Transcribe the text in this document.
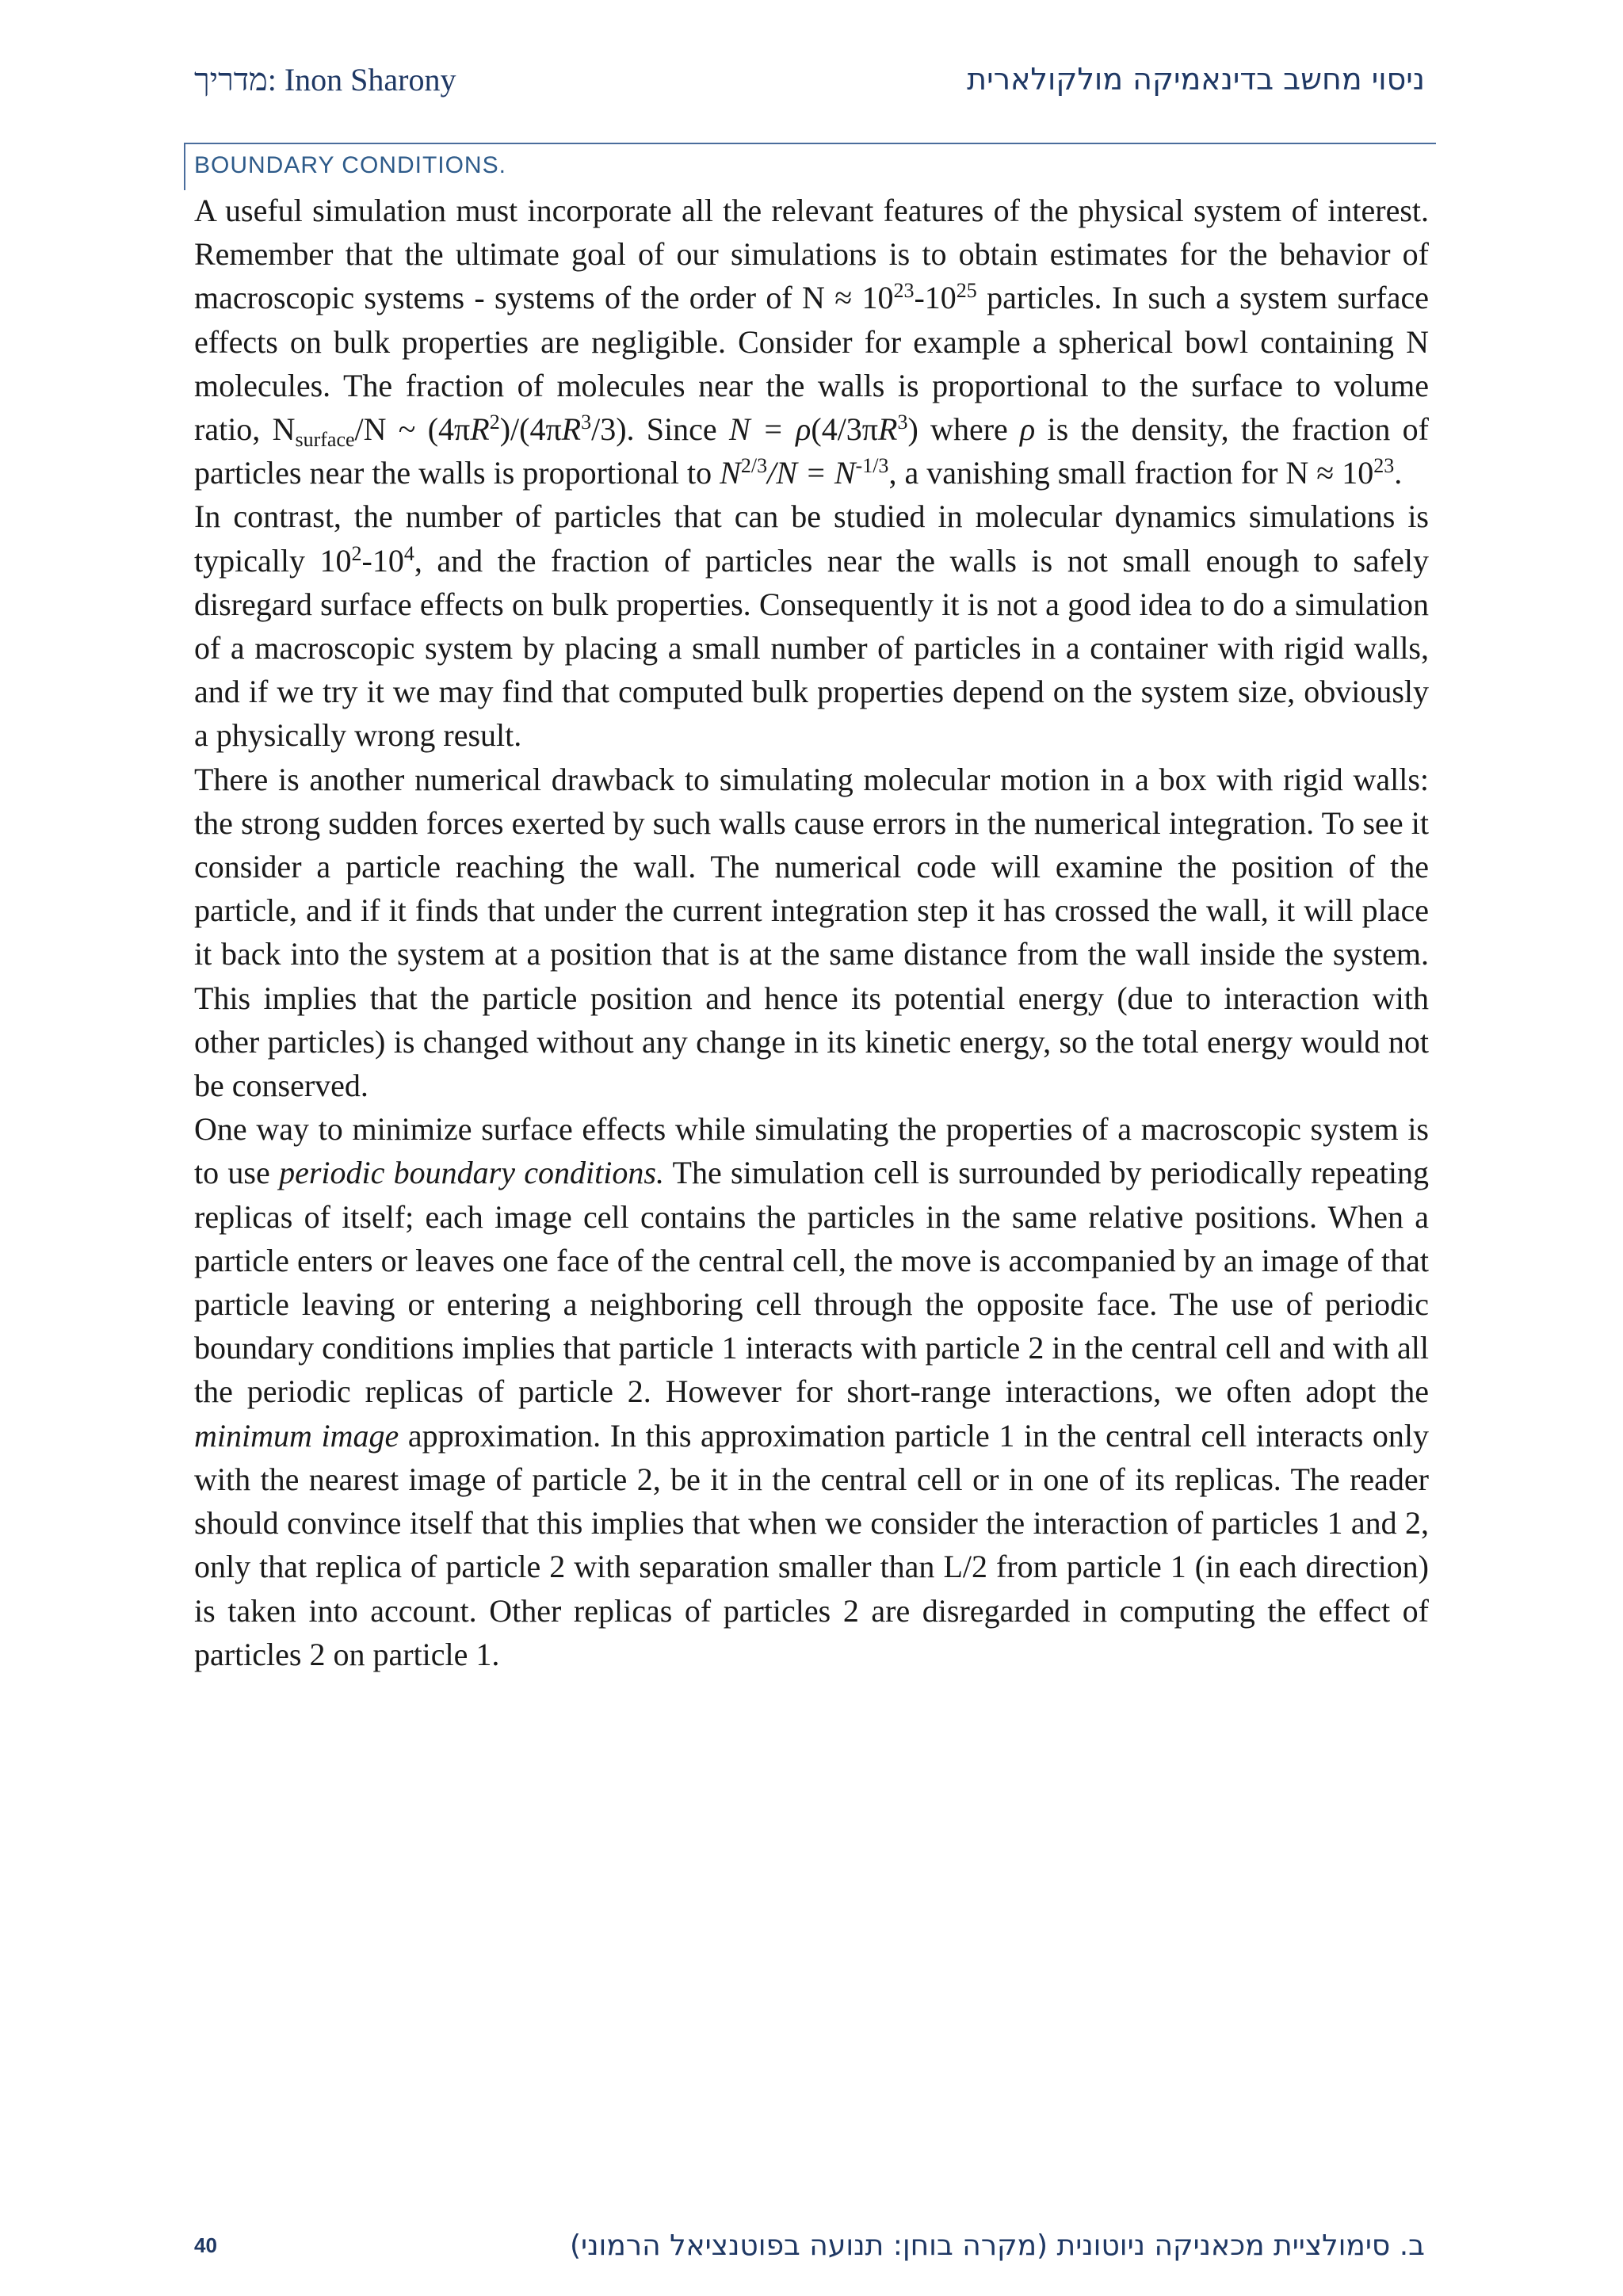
Inon Sharony :מדריך	ניסוי מחשב בדינאמיקה מולקולארית
BOUNDARY CONDITIONS.

A useful simulation must incorporate all the relevant features of the physical system of interest. Remember that the ultimate goal of our simulations is to obtain estimates for the behavior of macroscopic systems - systems of the order of $N \approx 10^{23}-10^{25}$ particles. In such a system surface effects on bulk properties are negligible. Consider for example a spherical bowl containing N molecules. The fraction of molecules near the walls is proportional to the surface to volume ratio, $N_{surface}/N$ ~ $(4\pi R^2)/(4\pi R^3/3)$. Since $N = \rho(4/3\pi R^3)$ where ρ is the density, the fraction of particles near the walls is proportional to $N^{2/3}/N = N^{-1/3}$, a vanishing small fraction for $N \approx 10^{23}$.

In contrast, the number of particles that can be studied in molecular dynamics simulations is typically $10^2-10^4$, and the fraction of particles near the walls is not small enough to safely disregard surface effects on bulk properties. Consequently it is not a good idea to do a simulation of a macroscopic system by placing a small number of particles in a container with rigid walls, and if we try it we may find that computed bulk properties depend on the system size, obviously a physically wrong result.

There is another numerical drawback to simulating molecular motion in a box with rigid walls: the strong sudden forces exerted by such walls cause errors in the numerical integration. To see it consider a particle reaching the wall. The numerical code will examine the position of the particle, and if it finds that under the current integration step it has crossed the wall, it will place it back into the system at a position that is at the same distance from the wall inside the system. This implies that the particle position and hence its potential energy (due to interaction with other particles) is changed without any change in its kinetic energy, so the total energy would not be conserved.

One way to minimize surface effects while simulating the properties of a macroscopic system is to use periodic boundary conditions. The simulation cell is surrounded by periodically repeating replicas of itself; each image cell contains the particles in the same relative positions. When a particle enters or leaves one face of the central cell, the move is accompanied by an image of that particle leaving or entering a neighboring cell through the opposite face. The use of periodic boundary conditions implies that particle 1 interacts with particle 2 in the central cell and with all the periodic replicas of particle 2. However for short-range interactions, we often adopt the minimum image approximation. In this approximation particle 1 in the central cell interacts only with the nearest image of particle 2, be it in the central cell or in one of its replicas. The reader should convince itself that this implies that when we consider the interaction of particles 1 and 2, only that replica of particle 2 with separation smaller than L/2 from particle 1 (in each direction) is taken into account. Other replicas of particles 2 are disregarded in computing the effect of particles 2 on particle 1.

40	ב. סימולציית מכאניקה ניוטונית (מקרה בוחן: תנועה בפוטנציאל הרמוני)
